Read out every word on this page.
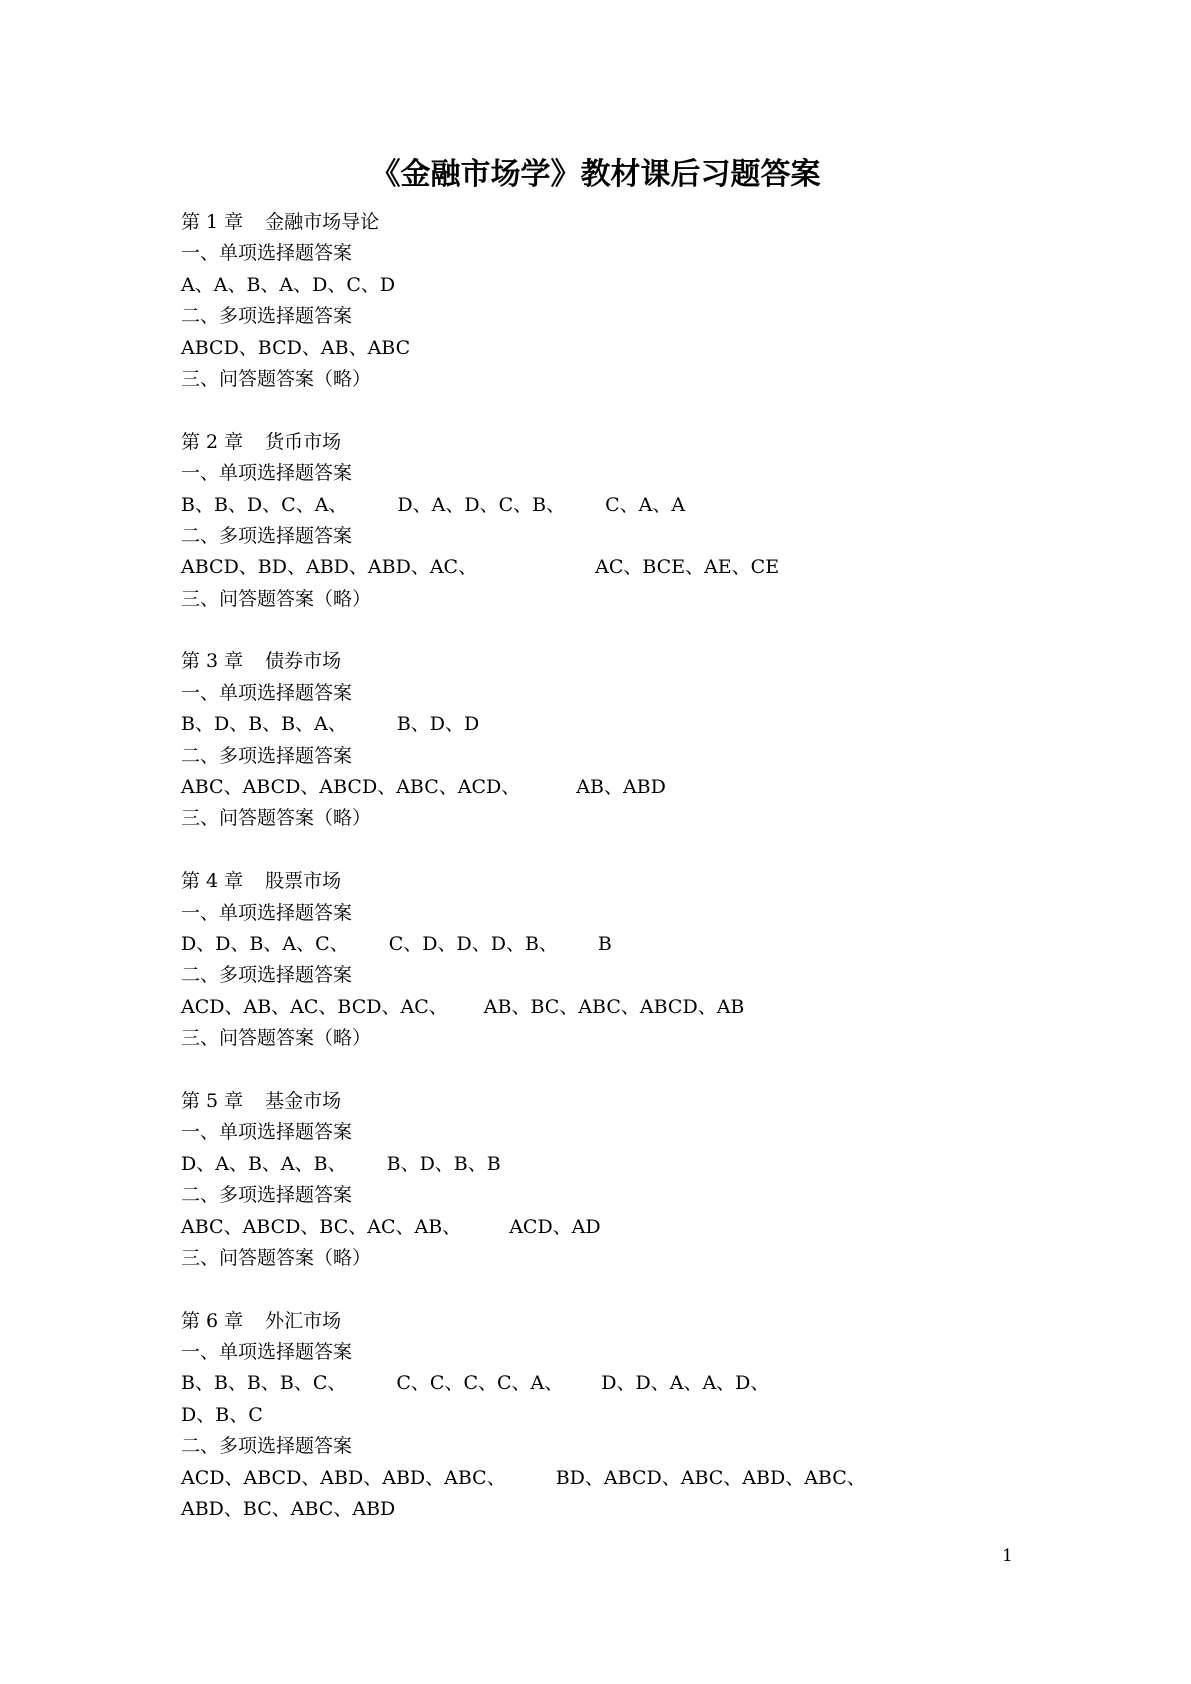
《金融市场学》教材课后习题答案
第 1 章 金融市场导论
一、单项选择题答案
A、A、B、A、D、C、D
二、多项选择题答案
ABCD、BCD、AB、ABC
三、问答题答案（略）
第 2 章 货币市场
一、单项选择题答案
B、B、D、C、A、	D、A、D、C、B、 C、A、A
二、多项选择题答案
ABCD、BD、ABD、ABD、AC、	AC、BCE、AE、CE
三、问答题答案（略）
第 3 章 债券市场
一、单项选择题答案
B、D、B、B、A、	B、D、D
二、多项选择题答案
ABC、ABCD、ABCD、ABC、ACD、	AB、ABD
三、问答题答案（略）
第 4 章 股票市场
一、单项选择题答案
D、D、B、A、C、 C、D、D、D、B、 B
二、多项选择题答案
ACD、AB、AC、BCD、AC、 AB、BC、ABC、ABCD、AB
三、问答题答案（略）
第 5 章 基金市场
一、单项选择题答案
D、A、B、A、B、 B、D、B、B
二、多项选择题答案
ABC、ABCD、BC、AC、AB、	ACD、AD
三、问答题答案（略）
第 6 章 外汇市场
一、单项选择题答案
B、B、B、B、C、	C、C、C、C、A、 D、D、A、A、D、
D、B、C
二、多项选择题答案
ACD、ABCD、ABD、ABD、ABC、	BD、ABCD、ABC、ABD、ABC、
ABD、BC、ABC、ABD
1
